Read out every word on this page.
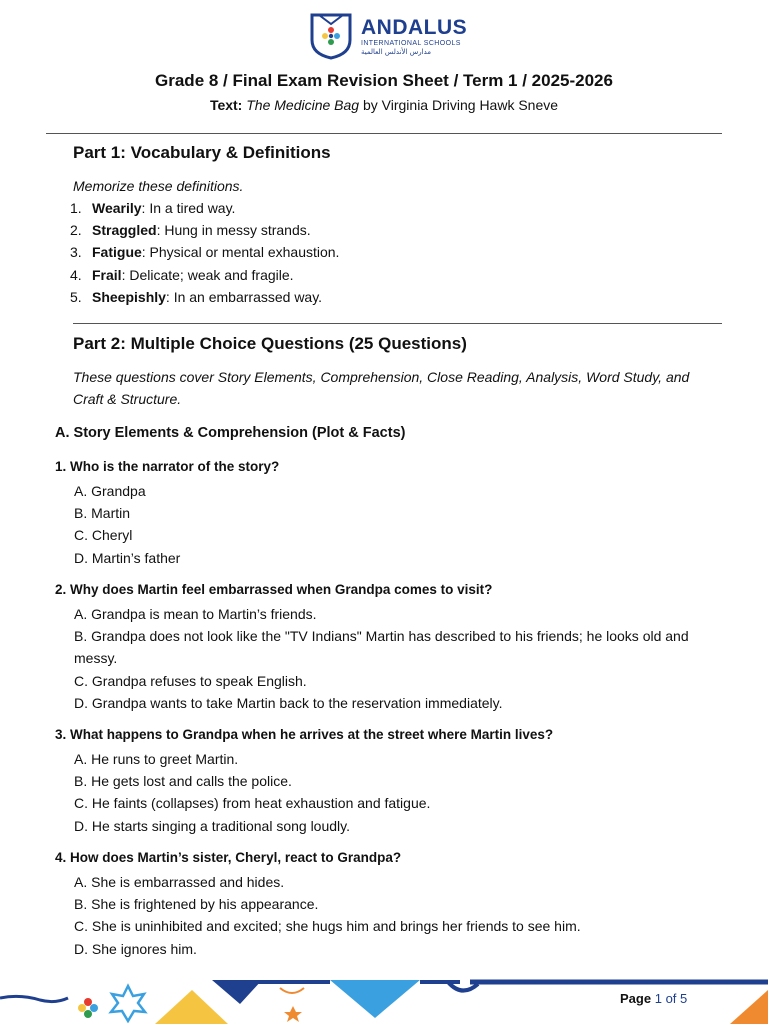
ANDALUS
INTERNATIONAL SCHOOLS
مدارس الأندلس العالمية
Grade 8 / Final Exam Revision Sheet / Term 1 / 2025-2026
Text: The Medicine Bag by Virginia Driving Hawk Sneve
Part 1: Vocabulary & Definitions
Memorize these definitions.
1. Wearily: In a tired way.
2. Straggled: Hung in messy strands.
3. Fatigue: Physical or mental exhaustion.
4. Frail: Delicate; weak and fragile.
5. Sheepishly: In an embarrassed way.
Part 2: Multiple Choice Questions (25 Questions)
These questions cover Story Elements, Comprehension, Close Reading, Analysis, Word Study, and Craft & Structure.
A. Story Elements & Comprehension (Plot & Facts)
1. Who is the narrator of the story?
A. Grandpa
B. Martin
C. Cheryl
D. Martin’s father
2. Why does Martin feel embarrassed when Grandpa comes to visit?
A. Grandpa is mean to Martin’s friends.
B. Grandpa does not look like the "TV Indians" Martin has described to his friends; he looks old and messy.
C. Grandpa refuses to speak English.
D. Grandpa wants to take Martin back to the reservation immediately.
3. What happens to Grandpa when he arrives at the street where Martin lives?
A. He runs to greet Martin.
B. He gets lost and calls the police.
C. He faints (collapses) from heat exhaustion and fatigue.
D. He starts singing a traditional song loudly.
4. How does Martin’s sister, Cheryl, react to Grandpa?
A. She is embarrassed and hides.
B. She is frightened by his appearance.
C. She is uninhibited and excited; she hugs him and brings her friends to see him.
D. She ignores him.
Page 1 of 5
